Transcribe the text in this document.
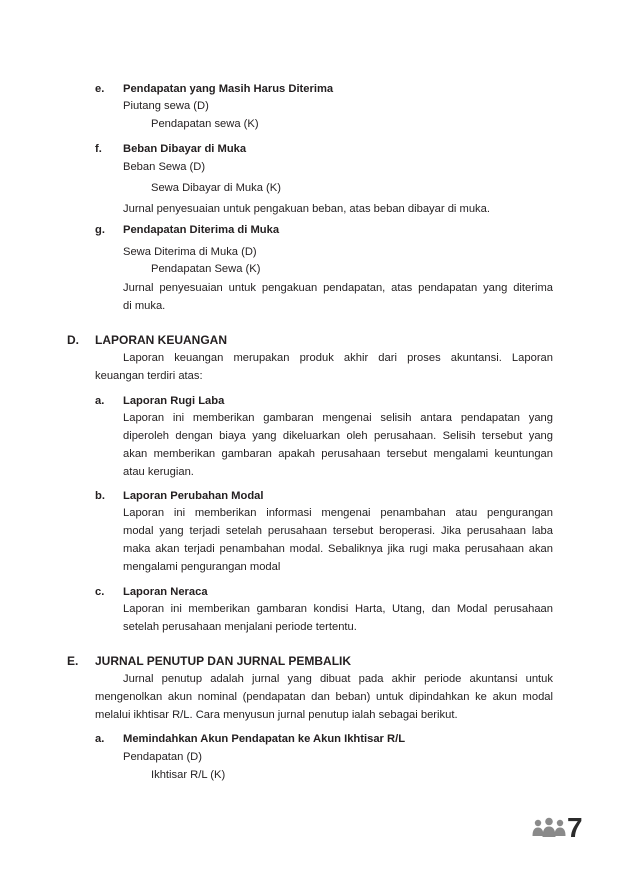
e. Pendapatan yang Masih Harus Diterima
Piutang sewa (D)
Pendapatan sewa (K)
f. Beban Dibayar di Muka
Beban Sewa (D)
Sewa Dibayar di Muka (K)
Jurnal penyesuaian untuk pengakuan beban, atas beban dibayar di muka.
g. Pendapatan Diterima di Muka
Sewa Diterima di Muka (D)
Pendapatan Sewa (K)
Jurnal penyesuaian untuk pengakuan pendapatan, atas pendapatan yang diterima
di muka.
D. LAPORAN KEUANGAN
Laporan keuangan merupakan produk akhir dari proses akuntansi. Laporan
keuangan terdiri atas:
a. Laporan Rugi Laba
Laporan ini memberikan gambaran mengenai selisih antara pendapatan yang
diperoleh dengan biaya yang dikeluarkan oleh perusahaan. Selisih tersebut yang
akan memberikan gambaran apakah perusahaan tersebut mengalami keuntungan
atau kerugian.
b. Laporan Perubahan Modal
Laporan ini memberikan informasi mengenai penambahan atau pengurangan
modal yang terjadi setelah perusahaan tersebut beroperasi. Jika perusahaan laba
maka akan terjadi penambahan modal. Sebaliknya jika rugi maka perusahaan akan
mengalami pengurangan modal
c. Laporan Neraca
Laporan ini memberikan gambaran kondisi Harta, Utang, dan Modal perusahaan
setelah perusahaan menjalani periode tertentu.
E. JURNAL PENUTUP DAN JURNAL PEMBALIK
Jurnal penutup adalah jurnal yang dibuat pada akhir periode akuntansi untuk
mengenolkan akun nominal (pendapatan dan beban) untuk dipindahkan ke akun modal
melalui ikhtisar R/L. Cara menyusun jurnal penutup ialah sebagai berikut.
a. Memindahkan Akun Pendapatan ke Akun Ikhtisar R/L
Pendapatan (D)
Ikhtisar R/L (K)
7
